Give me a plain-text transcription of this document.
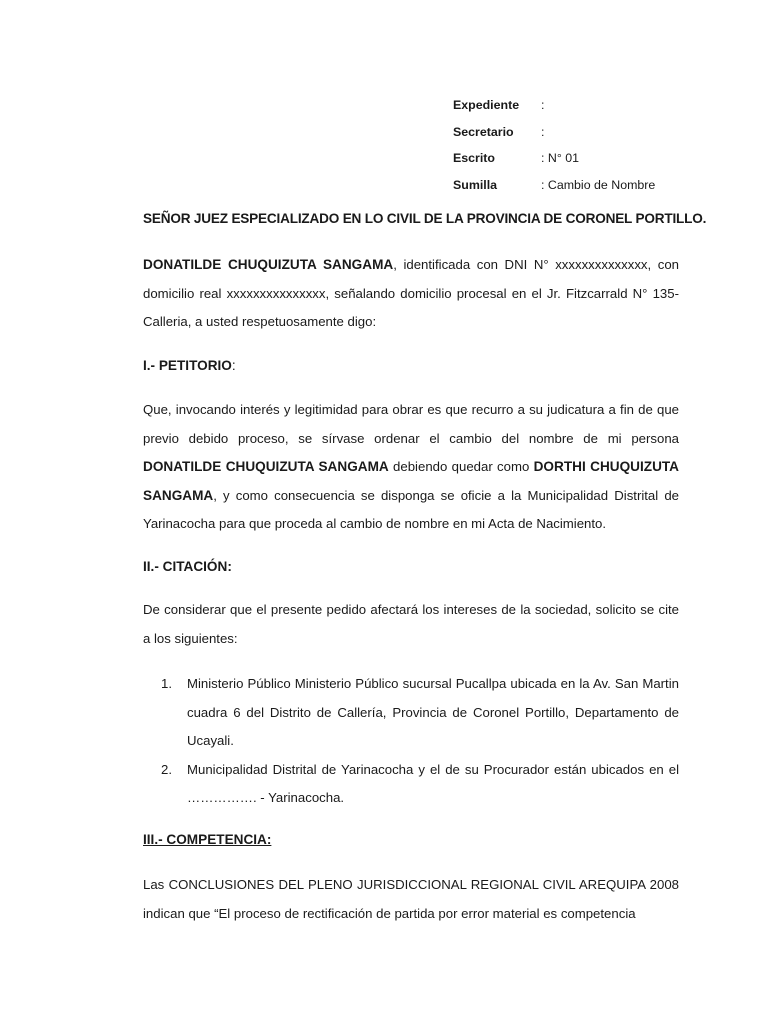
Expediente	:
Secretario	:
Escrito	: N° 01
Sumilla	: Cambio de Nombre
SEÑOR JUEZ ESPECIALIZADO EN LO CIVIL DE LA PROVINCIA DE CORONEL PORTILLO.

DONATILDE CHUQUIZUTA SANGAMA, identificada con DNI N° xxxxxxxxxxxxxx, con domicilio real xxxxxxxxxxxxxxx, señalando domicilio procesal en el Jr. Fitzcarrald N° 135- Calleria, a usted respetuosamente digo:

I.- PETITORIO:

Que, invocando interés y legitimidad para obrar es que recurro a su judicatura a fin de que previo debido proceso, se sírvase ordenar el cambio del nombre de mi persona DONATILDE CHUQUIZUTA SANGAMA debiendo quedar como DORTHI CHUQUIZUTA SANGAMA, y como consecuencia se disponga se oficie a la Municipalidad Distrital de Yarinacocha para que proceda al cambio de nombre en mi Acta de Nacimiento.

II.- CITACIÓN:

De considerar que el presente pedido afectará los intereses de la sociedad, solicito se cite a los siguientes:

1.	Ministerio Público Ministerio Público sucursal Pucallpa ubicada en la Av. San Martin cuadra 6 del Distrito de Callería, Provincia de Coronel Portillo, Departamento de Ucayali.
2.	Municipalidad Distrital de Yarinacocha y el de su Procurador están ubicados en el ……………. - Yarinacocha.

III.- COMPETENCIA:

Las CONCLUSIONES DEL PLENO JURISDICCIONAL REGIONAL CIVIL AREQUIPA 2008 indican que “El proceso de rectificación de partida por error material es competencia
